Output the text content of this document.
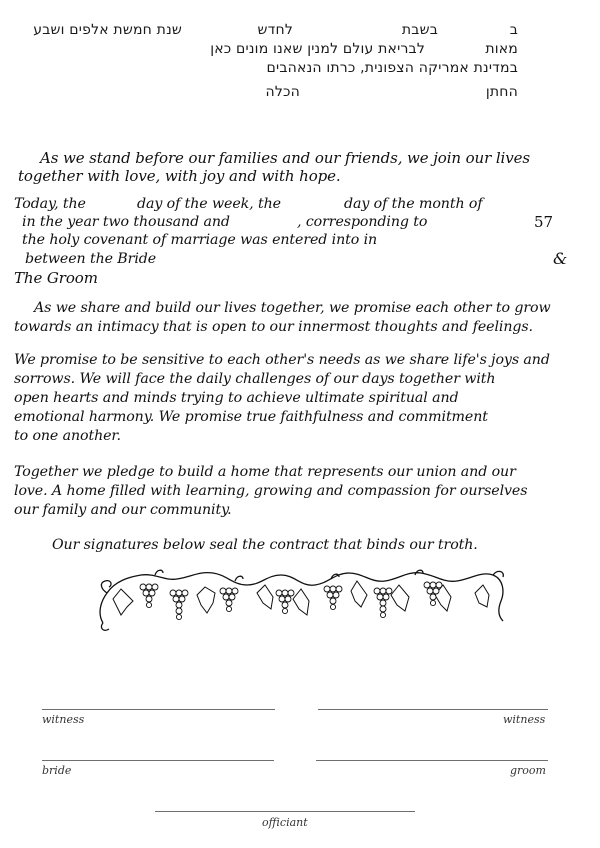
ב
בשבת
לחדש
שנת חמשת אלפים ושבע
מאות
לבריאת עולם למנין שאנו מונים כאן
במדינת אמריקה הצפונית, כרתו הנאהבים
החתן
הכלה
As we stand before our families and our friends, we join our lives
together with love, with joy and with hope.
Today, the	day of the week, the	day of the month of
in the year two thousand and	, corresponding to	57
the holy covenant of marriage was entered into in
between the Bride	&
The Groom
As we share and build our lives together, we promise each other to grow
towards an intimacy that is open to our innermost thoughts and feelings.
We promise to be sensitive to each other's needs as we share life's joys and
sorrows. We will face the daily challenges of our days together with
open hearts and minds trying to achieve ultimate spiritual and
emotional harmony. We promise true faithfulness and commitment
to one another.
Together we pledge to build a home that represents our union and our
love. A home filled with learning, growing and compassion for ourselves
our family and our community.
Our signatures below seal the contract that binds our troth.
witness	witness
bride	groom
officiant
